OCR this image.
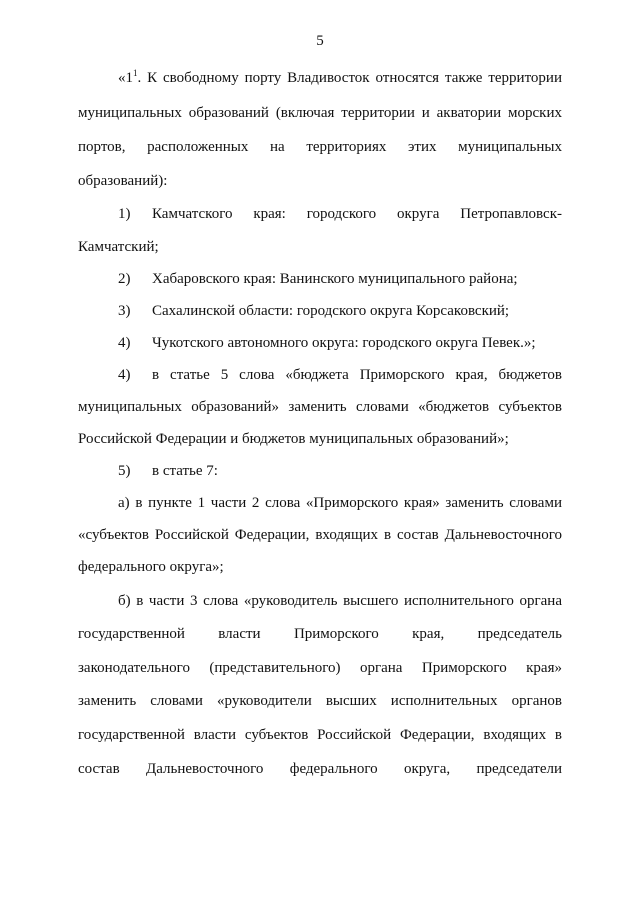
5
«$1^1$. К свободному порту Владивосток относятся также территории
муниципальных образований (включая территории и акватории морских
портов, расположенных на территориях этих муниципальных
образований):
1) Камчатского края: городского округа Петропавловск-
Камчатский;
2) Хабаровского края: Ванинского муниципального района;
3) Сахалинской области: городского округа Корсаковский;
4) Чукотского автономного округа: городского округа Певек.»;
4) в статье 5 слова «бюджета Приморского края, бюджетов
муниципальных образований» заменить словами «бюджетов субъектов
Российской Федерации и бюджетов муниципальных образований»;
5) в статье 7:
а) в пункте 1 части 2 слова «Приморского края» заменить словами
«субъектов Российской Федерации, входящих в состав Дальневосточного
федерального округа»;
б) в части 3 слова «руководитель высшего исполнительного органа
государственной власти Приморского края, председатель
законодательного (представительного) органа Приморского края»
заменить словами «руководители высших исполнительных органов
государственной власти субъектов Российской Федерации, входящих в
состав Дальневосточного федерального округа, председатели
